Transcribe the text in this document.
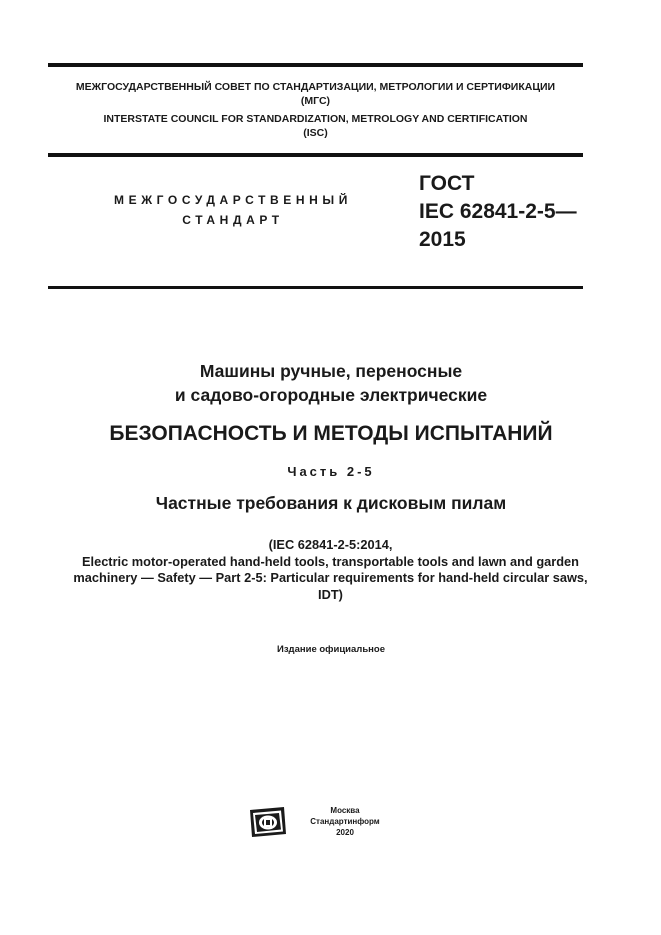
МЕЖГОСУДАРСТВЕННЫЙ СОВЕТ ПО СТАНДАРТИЗАЦИИ, МЕТРОЛОГИИ И СЕРТИФИКАЦИИ
(МГС)
INTERSTATE COUNCIL FOR STANDARDIZATION, METROLOGY AND CERTIFICATION
(ISC)
МЕЖГОСУДАРСТВЕННЫЙ
СТАНДАРТ
ГОСТ
IEC 62841-2-5—
2015
Машины ручные, переносные
и садово-огородные электрические
БЕЗОПАСНОСТЬ И МЕТОДЫ ИСПЫТАНИЙ
Часть 2-5
Частные требования к дисковым пилам
(IEC 62841-2-5:2014,
Electric motor-operated hand-held tools, transportable tools and lawn and garden
machinery — Safety — Part 2-5: Particular requirements for hand-held circular saws,
IDT)
Издание официальное
Москва
Стандартинформ
2020
